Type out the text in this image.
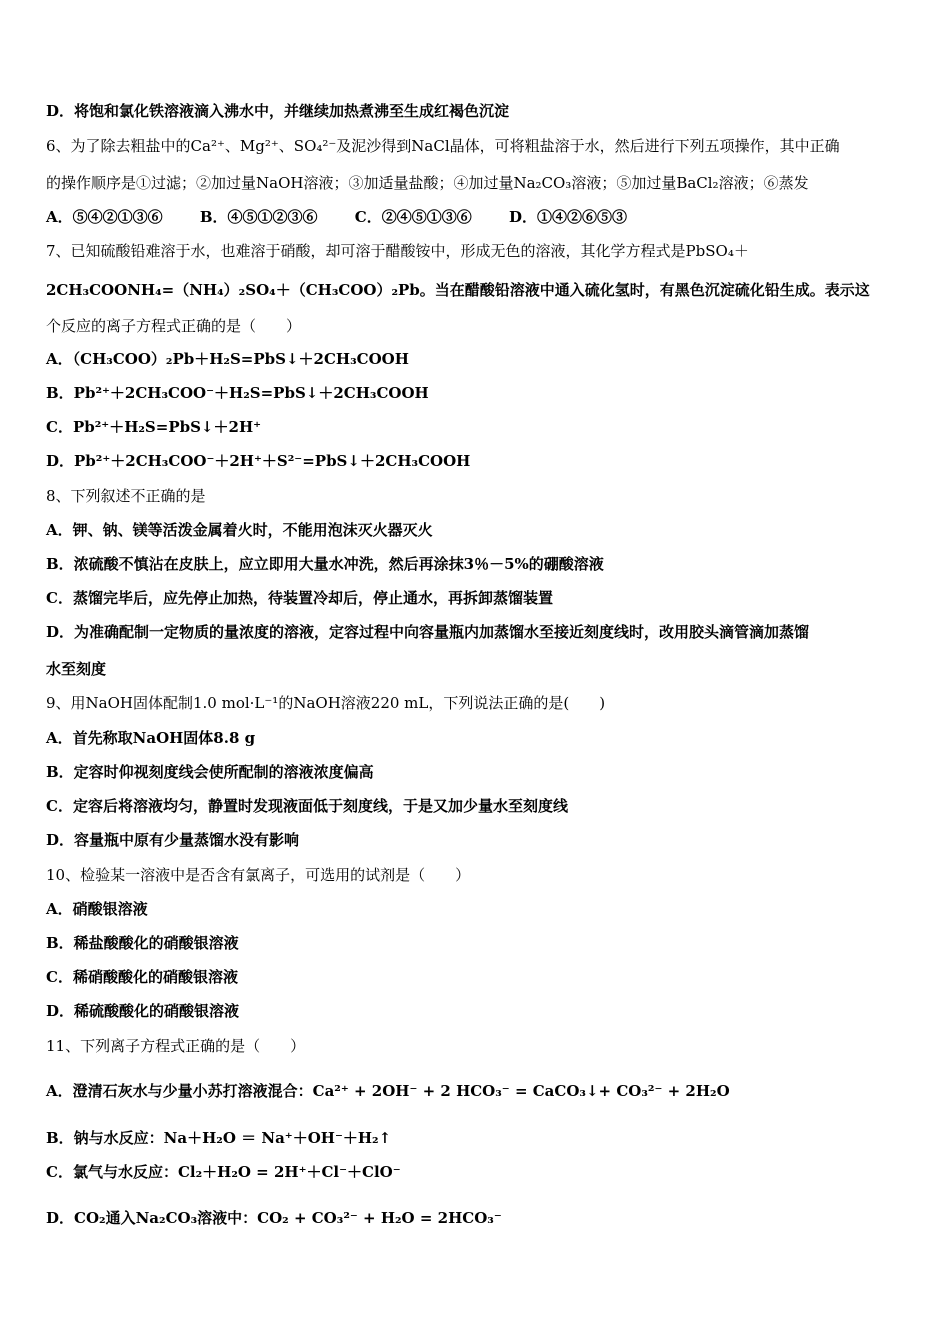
D．将饱和氯化铁溶液滴入沸水中，并继续加热煮沸至生成红褐色沉淀
6、为了除去粗盐中的Ca²⁺、Mg²⁺、SO₄²⁻及泥沙得到NaCl晶体，可将粗盐溶于水，然后进行下列五项操作，其中正确
的操作顺序是①过滤；②加过量NaOH溶液；③加适量盐酸；④加过量Na₂CO₃溶液；⑤加过量BaCl₂溶液；⑥蒸发
A．⑤④②①③⑥ B．④⑤①②③⑥ C．②④⑤①③⑥ D．①④②⑥⑤③
7、已知硫酸铅难溶于水，也难溶于硝酸，却可溶于醋酸铵中，形成无色的溶液，其化学方程式是PbSO₄＋
2CH₃COONH₄=（NH₄）₂SO₄＋（CH₃COO）₂Pb。当在醋酸铅溶液中通入硫化氢时，有黑色沉淀硫化铅生成。表示这
个反应的离子方程式正确的是（　　）
A．（CH₃COO）₂Pb＋H₂S=PbS↓＋2CH₃COOH
B．Pb²⁺＋2CH₃COO⁻＋H₂S=PbS↓＋2CH₃COOH
C．Pb²⁺＋H₂S=PbS↓＋2H⁺
D．Pb²⁺＋2CH₃COO⁻＋2H⁺＋S²⁻=PbS↓＋2CH₃COOH
8、下列叙述不正确的是
A．钾、钠、镁等活泼金属着火时，不能用泡沫灭火器灭火
B．浓硫酸不慎沾在皮肤上，应立即用大量水冲洗，然后再涂抹3％－5%的硼酸溶液
C．蒸馏完毕后，应先停止加热，待装置冷却后，停止通水，再拆卸蒸馏装置
D．为准确配制一定物质的量浓度的溶液，定容过程中向容量瓶内加蒸馏水至接近刻度线时，改用胶头滴管滴加蒸馏
水至刻度
9、用NaOH固体配制1.0 mol·L⁻¹的NaOH溶液220 mL，下列说法正确的是(　　)
A．首先称取NaOH固体8.8 g
B．定容时仰视刻度线会使所配制的溶液浓度偏高
C．定容后将溶液均匀，静置时发现液面低于刻度线，于是又加少量水至刻度线
D．容量瓶中原有少量蒸馏水没有影响
10、检验某一溶液中是否含有氯离子，可选用的试剂是（　　）
A．硝酸银溶液
B．稀盐酸酸化的硝酸银溶液
C．稀硝酸酸化的硝酸银溶液
D．稀硫酸酸化的硝酸银溶液
11、下列离子方程式正确的是（　　）
A．澄清石灰水与少量小苏打溶液混合：Ca²⁺ + 2OH⁻ + 2 HCO₃⁻ = CaCO₃↓+ CO₃²⁻ + 2H₂O
B．钠与水反应：Na＋H₂O ＝ Na⁺＋OH⁻＋H₂↑
C．氯气与水反应：Cl₂＋H₂O = 2H⁺＋Cl⁻＋ClO⁻
D．CO₂通入Na₂CO₃溶液中：CO₂ + CO₃²⁻ + H₂O = 2HCO₃⁻
